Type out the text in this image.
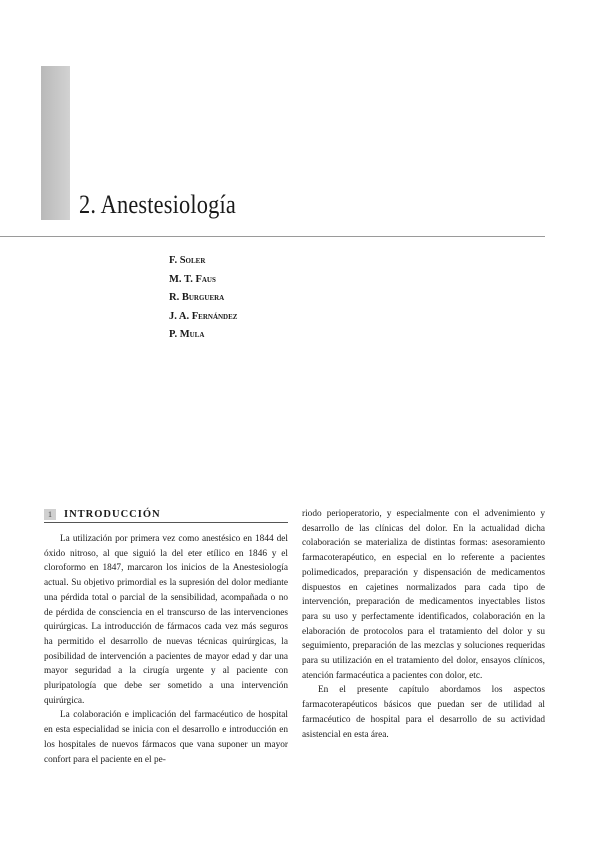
2. Anestesiología
F. Soler
M. T. Faus
R. Burguera
J. A. Fernández
P. Mula
1	INTRODUCCIÓN

La utilización por primera vez como anestésico en 1844 del óxido nitroso, al que siguió la del eter etílico en 1846 y el cloroformo en 1847, marcaron los inicios de la Anestesiología actual. Su objetivo primordial es la supresión del dolor mediante una pérdida total o parcial de la sensibilidad, acompañada o no de pérdida de consciencia en el transcurso de las intervenciones quirúrgicas. La introducción de fármacos cada vez más seguros ha permitido el desarrollo de nuevas técnicas quirúrgicas, la posibilidad de intervención a pacientes de mayor edad y dar una mayor seguridad a la cirugía urgente y al paciente con pluripatología que debe ser sometido a una intervención quirúrgica.

La colaboración e implicación del farmacéutico de hospital en esta especialidad se inicia con el desarrollo e introducción en los hospitales de nuevos fármacos que vana suponer un mayor confort para el paciente en el pe-

riodo perioperatorio, y especialmente con el advenimiento y desarrollo de las clínicas del dolor. En la actualidad dicha colaboración se materializa de distintas formas: asesoramiento farmacoterapéutico, en especial en lo referente a pacientes polimedicados, preparación y dispensación de medicamentos dispuestos en cajetines normalizados para cada tipo de intervención, preparación de medicamentos inyectables listos para su uso y perfectamente identificados, colaboración en la elaboración de protocolos para el tratamiento del dolor y su seguimiento, preparación de las mezclas y soluciones requeridas para su utilización en el tratamiento del dolor, ensayos clínicos, atención farmacéutica a pacientes con dolor, etc.

En el presente capítulo abordamos los aspectos farmacoterapéuticos básicos que puedan ser de utilidad al farmacéutico de hospital para el desarrollo de su actividad asistencial en esta área.
